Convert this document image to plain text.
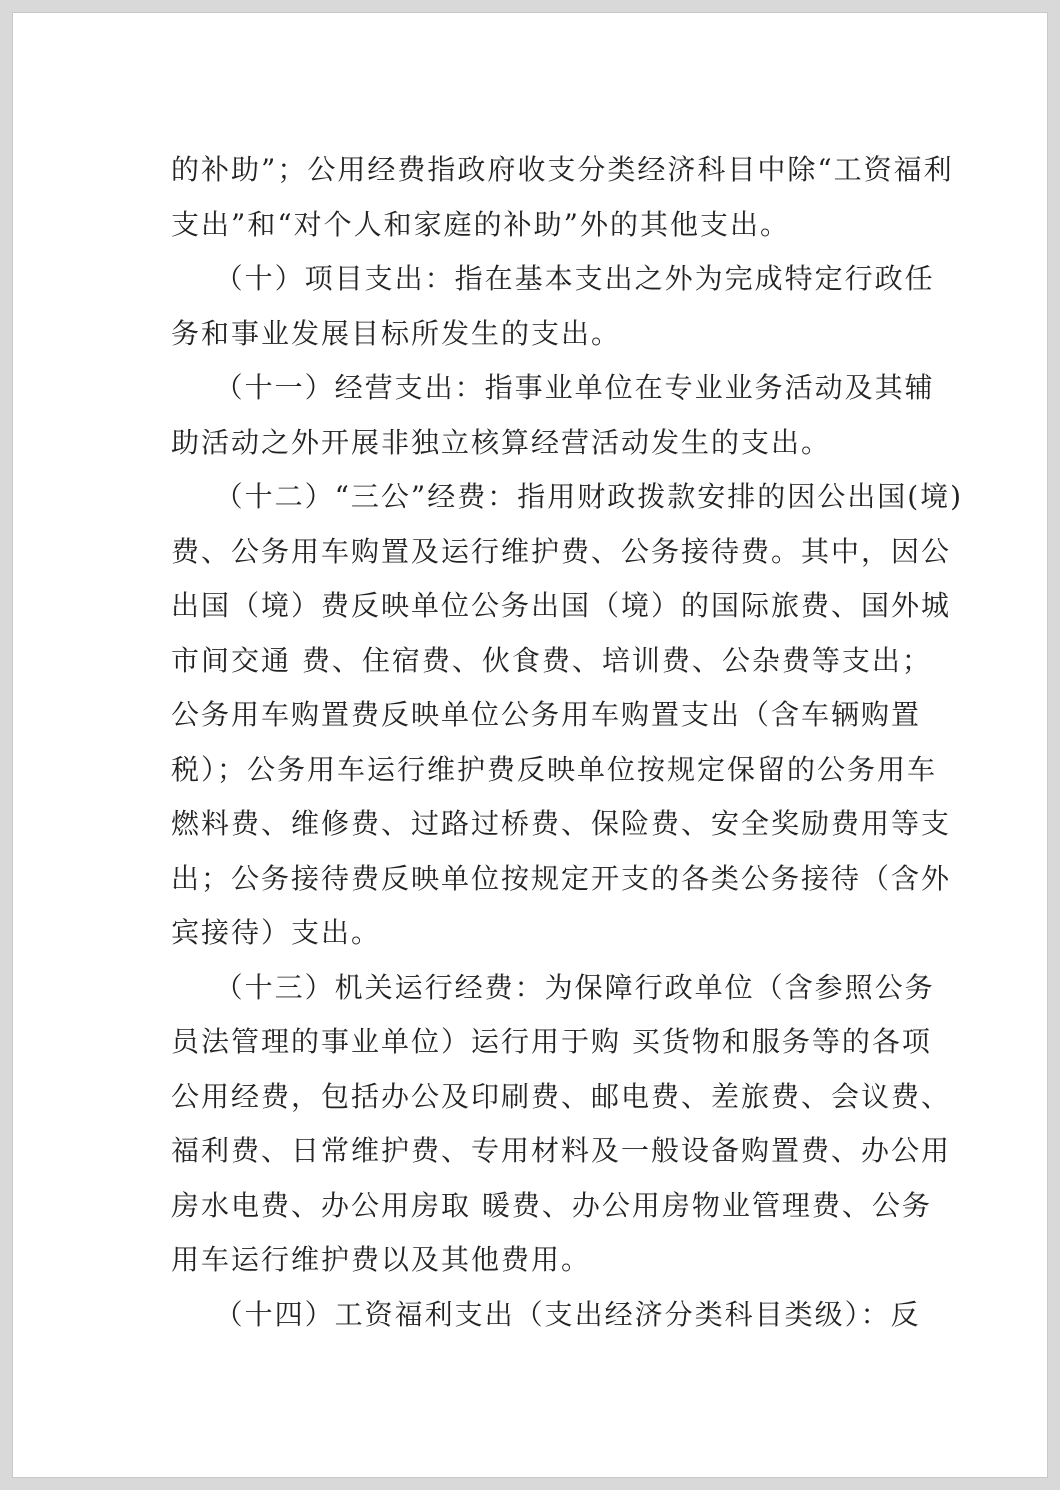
的补助”；公用经费指政府收支分类经济科目中除“工资福利
支出”和“对个人和家庭的补助”外的其他支出。
（十）项目支出：指在基本支出之外为完成特定行政任
务和事业发展目标所发生的支出。
（十一）经营支出：指事业单位在专业业务活动及其辅
助活动之外开展非独立核算经营活动发生的支出。
（十二）“三公”经费：指用财政拨款安排的因公出国(境)
费、公务用车购置及运行维护费、公务接待费。其中，因公
出国（境）费反映单位公务出国（境）的国际旅费、国外城
市间交通 费、住宿费、伙食费、培训费、公杂费等支出；
公务用车购置费反映单位公务用车购置支出（含车辆购置
税）；公务用车运行维护费反映单位按规定保留的公务用车
燃料费、维修费、过路过桥费、保险费、安全奖励费用等支
出；公务接待费反映单位按规定开支的各类公务接待（含外
宾接待）支出。
（十三）机关运行经费：为保障行政单位（含参照公务
员法管理的事业单位）运行用于购 买货物和服务等的各项
公用经费，包括办公及印刷费、邮电费、差旅费、会议费、
福利费、日常维护费、专用材料及一般设备购置费、办公用
房水电费、办公用房取 暖费、办公用房物业管理费、公务
用车运行维护费以及其他费用。
（十四）工资福利支出（支出经济分类科目类级）：反
